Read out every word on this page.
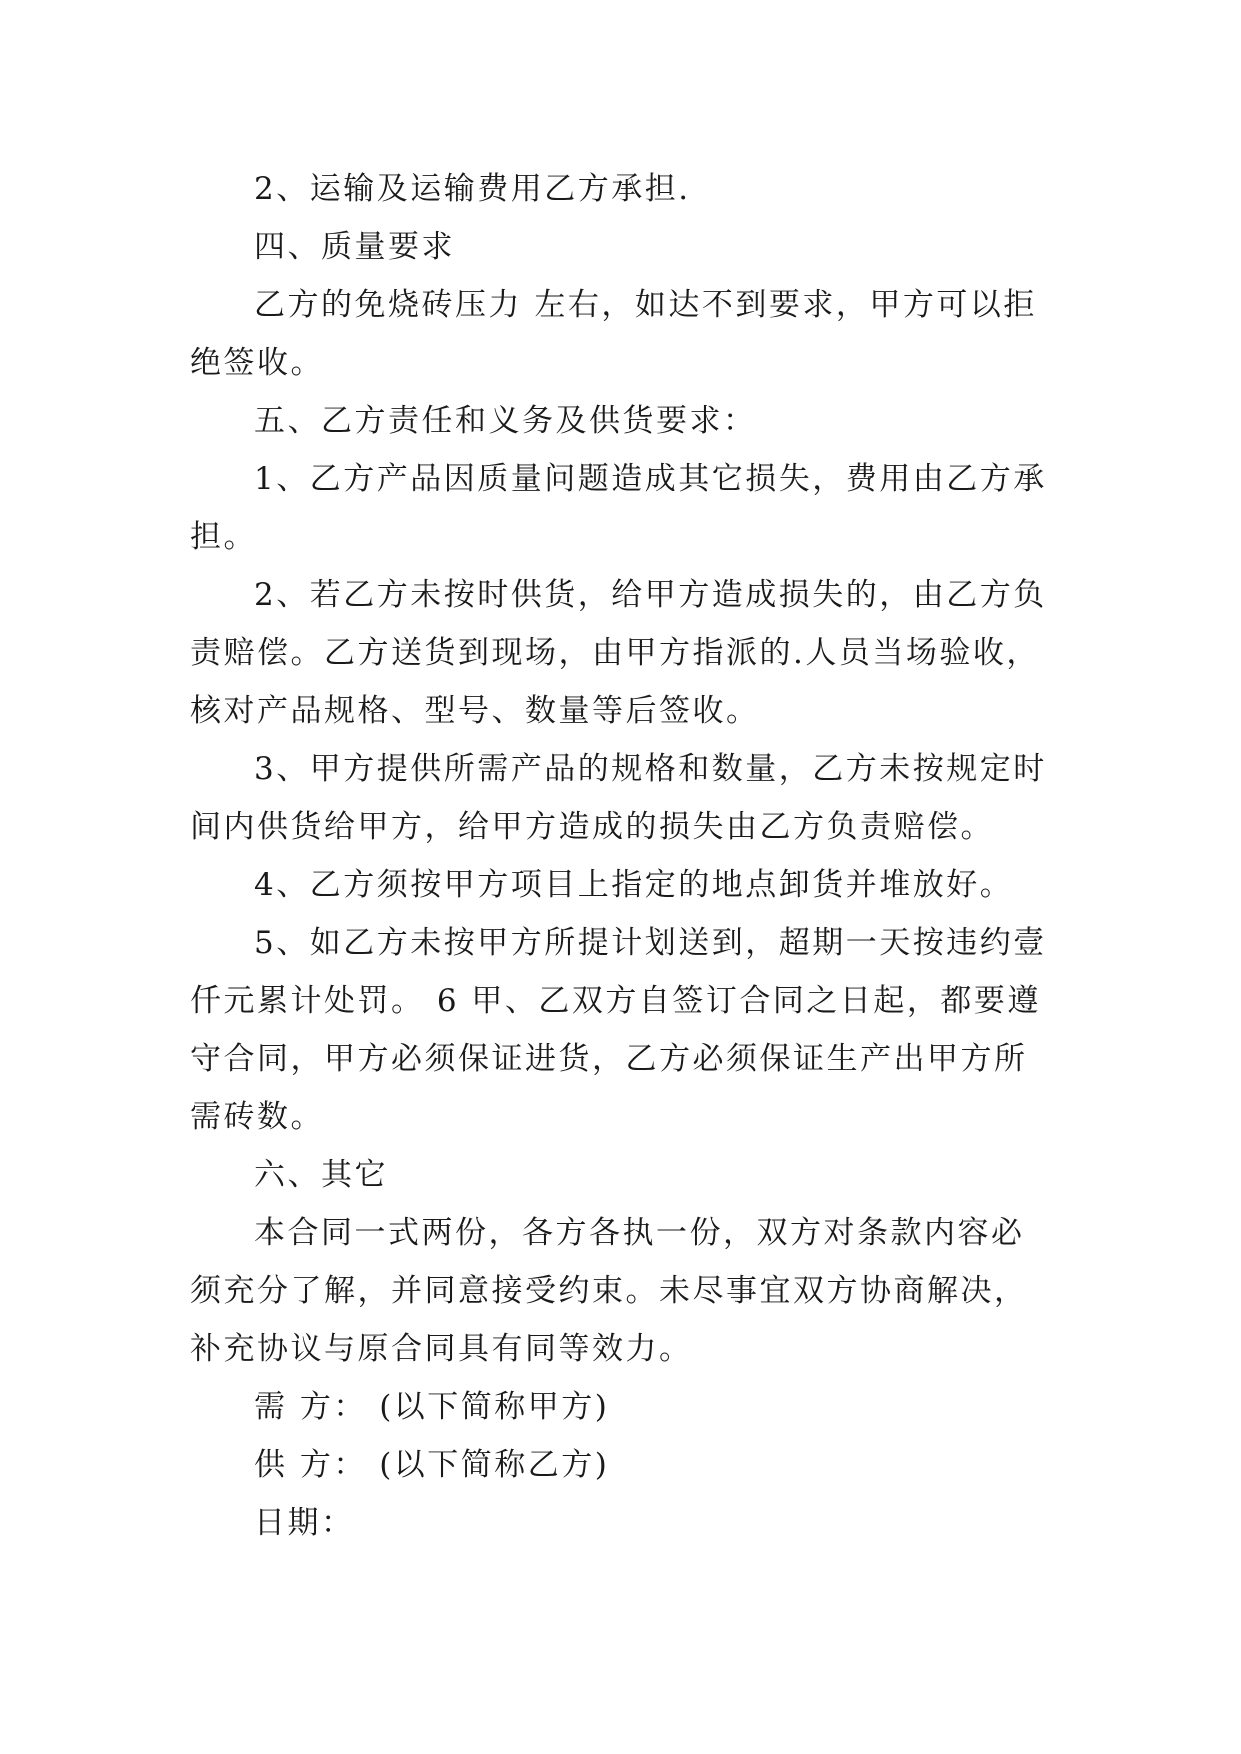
2、运输及运输费用乙方承担.

四、质量要求

乙方的免烧砖压力 左右，如达不到要求，甲方可以拒绝签收。

五、乙方责任和义务及供货要求：

1、乙方产品因质量问题造成其它损失，费用由乙方承担。

2、若乙方未按时供货，给甲方造成损失的，由乙方负责赔偿。乙方送货到现场，由甲方指派的.人员当场验收，核对产品规格、型号、数量等后签收。

3、甲方提供所需产品的规格和数量，乙方未按规定时间内供货给甲方，给甲方造成的损失由乙方负责赔偿。

4、乙方须按甲方项目上指定的地点卸货并堆放好。

5、如乙方未按甲方所提计划送到，超期一天按违约壹仟元累计处罚。 6 甲、乙双方自签订合同之日起，都要遵守合同，甲方必须保证进货，乙方必须保证生产出甲方所需砖数。

六、其它

本合同一式两份，各方各执一份，双方对条款内容必须充分了解，并同意接受约束。未尽事宜双方协商解决，补充协议与原合同具有同等效力。

需 方： (以下简称甲方)

供 方： (以下简称乙方)

日期：
